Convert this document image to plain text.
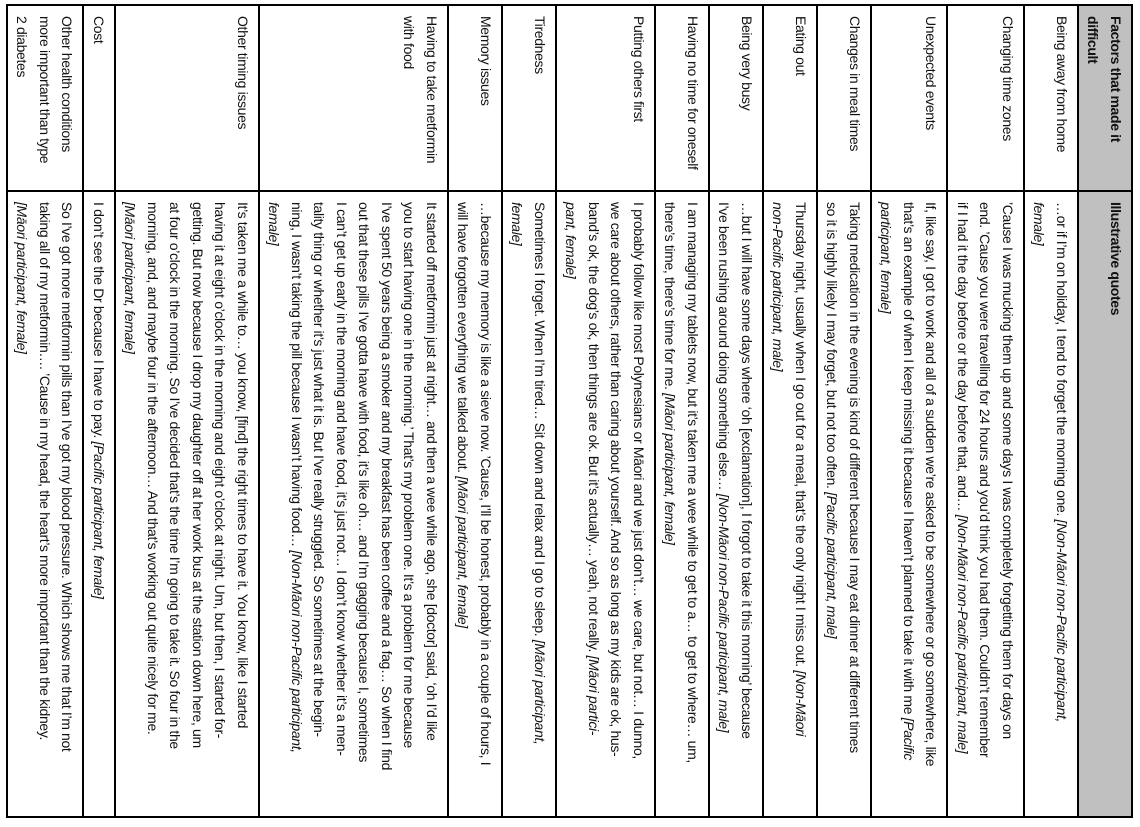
Factors that made it
difficult
Illustrative quotes
Being away from home
…or if I’m on holiday, I tend to forget the morning one. [Non-Māori non-Pacific participant,
female]
Changing time zones
’Cause I was mucking them up and some days I was completely forgetting them for days on
end. ’Cause you were travelling for 24 hours and you’d think you had them. Couldn’t remember
if I had it the day before or the day before that, and… [Non-Māori non-Pacific participant, male]
Unexpected events
If, like say, I got to work and all of a sudden we’re asked to be somewhere or go somewhere, like
that’s an example of when I keep missing it because I haven’t planned to take it with me [Pacific
participant, female]
Changes in meal times
Taking medication in the evening is kind of different because I may eat dinner at different times
so it is highly likely I may forget, but not too often. [Pacific participant, male]
Eating out
Thursday night, usually when I go out for a meal, that’s the only night I miss out. [Non-Māori
non-Pacific participant, male]
Being very busy
…but I will have some days where ‘oh [exclamation], I forgot to take it this morning’ because
I’ve been rushing around doing something else… [Non-Māori non-Pacific participant, male]
Having no time for oneself
I am managing my tablets now, but it’s taken me a wee while to get to a… to get to where… um,
there’s time, there’s time for me. [Māori participant, female]
Putting others first
I probably follow like most Polynesians or Māori and we just don’t… we care, but not… I dunno,
we care about others, rather than caring about yourself. And so as long as my kids are ok, hus-
band’s ok, the dog’s ok, then things are ok. But it’s actually… yeah, not really. [Māori partici-
pant, female]
Tiredness
Sometimes I forget. When I’m tired… Sit down and relax and I go to sleep. [Māori participant,
female]
Memory issues
…because my memory is like a sieve now. ’Cause, I’ll be honest, probably in a couple of hours, I
will have forgotten everything we talked about. [Māori participant, female]
Having to take metformin
with food
It started off metformin just at night… and then a wee while ago, she [doctor] said, ‘oh I’d like
you to start having one in the morning.’ That’s my problem one. It’s a problem for me because
I’ve spent 50 years being a smoker and my breakfast has been coffee and a fag… So when I find
out that these pills I’ve gotta have with food, it’s like oh… and I’m gagging because I, sometimes
I can’t get up early in the morning and have food, it’s just not… I don’t know whether it’s a men-
tality thing or whether it’s just what it is. But I’ve really struggled. So sometimes at the begin-
ning, I wasn’t taking the pill because I wasn’t having food… [Non-Māori non-Pacific participant,
female]
Other timing issues
It’s taken me a while to… you know, [find] the right times to have it. You know, like I started
having it at eight o’clock in the morning and eight o’clock at night. Um, but then, I started for-
getting. But now because I drop my daughter off at her work bus at the station down here, um
at four o’clock in the morning. So I’ve decided that’s the time I’m going to take it. So four in the
morning, and, and maybe four in the afternoon… And that’s working out quite nicely for me.
[Māori participant, female]
Cost
I don’t see the Dr because I have to pay. [Pacific participant, female]
Other health conditions
more important than type
2 diabetes
So I’ve got more metformin pills than I’ve got my blood pressure. Which shows me that I’m not
taking all of my metformin…. ’Cause in my head, the heart’s more important than the kidney.
[Māori participant, female]
